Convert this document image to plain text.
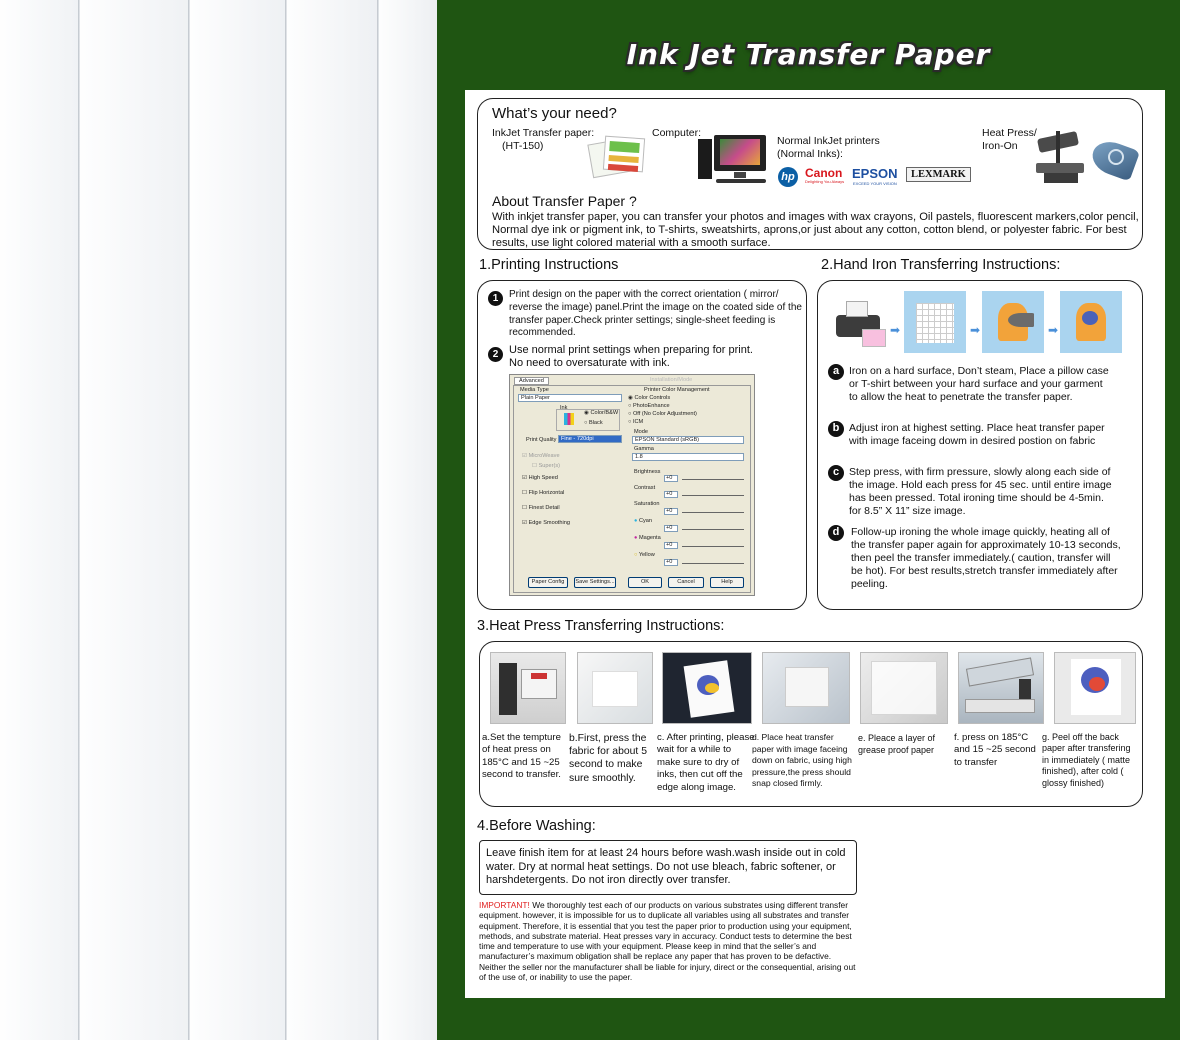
Ink Jet Transfer Paper
What’s your need?
InkJet Transfer paper:
(HT-150)
Computer:
Normal InkJet printers
(Normal Inks):
hp Canon
Delighting You Always
EPSON
EXCEED YOUR VISION
LEXMARK
Heat Press/
Iron-On
About Transfer Paper ?
With inkjet transfer paper, you can transfer your photos and images with wax crayons, Oil pastels, fluorescent markers,color pencil, Normal dye ink or pigment ink, to T-shirts, sweatshirts, aprons,or just about any cotton, cotton blend, or polyester fabric. For best results, use light colored material with a smooth surface.
1.Printing Instructions
1	Print design on the paper with the correct orientation ( mirror/ reverse the image) panel.Print the image on the coated side of the transfer paper.Check printer settings; single-sheet feeding is recommended.
2 Use normal print settings when preparing for print.
No need to oversaturate with ink.
Advanced	Installation/Mode
Media Type
Plain Paper
Ink
◉ Color/B&W
○ Black
Print Quality Fine - 720dpi
☑ MicroWeave
☐ Super(s)
☑ High Speed
☐ Flip Horizontal
☐ Finest Detail
☑ Edge Smoothing
Printer Color Management
◉ Color Controls
○ PhotoEnhance
○ Off (No Color Adjustment)
○ ICM
Mode
EPSON Standard (sRGB)
Gamma
1.8
Brightness
+0
Contrast
+0
Saturation
+0
● Cyan
+0
● Magenta
+0
○ Yellow
+0
Paper Config	Save Settings...	OK	Cancel	Help
2.Hand Iron Transferring Instructions:
➡	➡	➡
a Iron on a hard surface, Don’t steam, Place a pillow case or T-shirt between your hard surface and your garment to allow the heat to penetrate the transfer paper.
b Adjust iron at highest setting. Place heat transfer paper with image faceing dowm in desired postion on fabric
c Step press, with firm pressure, slowly along each side of the image. Hold each press for 45 sec. until entire image has been pressed. Total ironing time should be 4-5min. for 8.5” X 11” size image.
d	Follow-up ironing the whole image quickly, heating all of the transfer paper again for approximately 10-13 seconds, then peel the transfer immediately.( caution, transfer will be hot). For best results,stretch transfer immediately after peeling.
3.Heat Press Transferring Instructions:
a.Set the tempture of heat press on 185°C and 15 ~25 second to transfer.
b.First, press the fabric for about 5 second to make sure smoothly.
c. After printing, please wait for a while to make sure to dry of inks, then cut off the edge along image.
d. Place heat transfer paper with image faceing down on fabric, using high pressure,the press should snap closed firmly.
e. Pleace a layer of grease proof paper
f. press on 185°C and 15 ~25 second to transfer
g. Peel off the back paper after transfering in immediately ( matte finished), after cold ( glossy finished)
4.Before Washing:
Leave finish item for at least 24 hours before wash.wash inside out in cold water. Dry at normal heat settings. Do not use bleach, fabric softener, or harshdetergents. Do not iron directly over transfer.
IMPORTANT! We thoroughly test each of our products on various substrates using different transfer equipment. however, it is impossible for us to duplicate all variables using all substrates and transfer equipment. Therefore, it is essential that you test the paper prior to production using your equipment, methods, and substrate material. Heat presses vary in accuracy. Conduct tests to determine the best time and temperature to use with your equipment. Please keep in mind that the seller’s and manufacturer’s maximum obligation shall be replace any paper that has proven to be defactive. Neither the seller nor the manufacturer shall be liable for injury, direct or the consequential, arising out of the use of, or inability to use the paper.
